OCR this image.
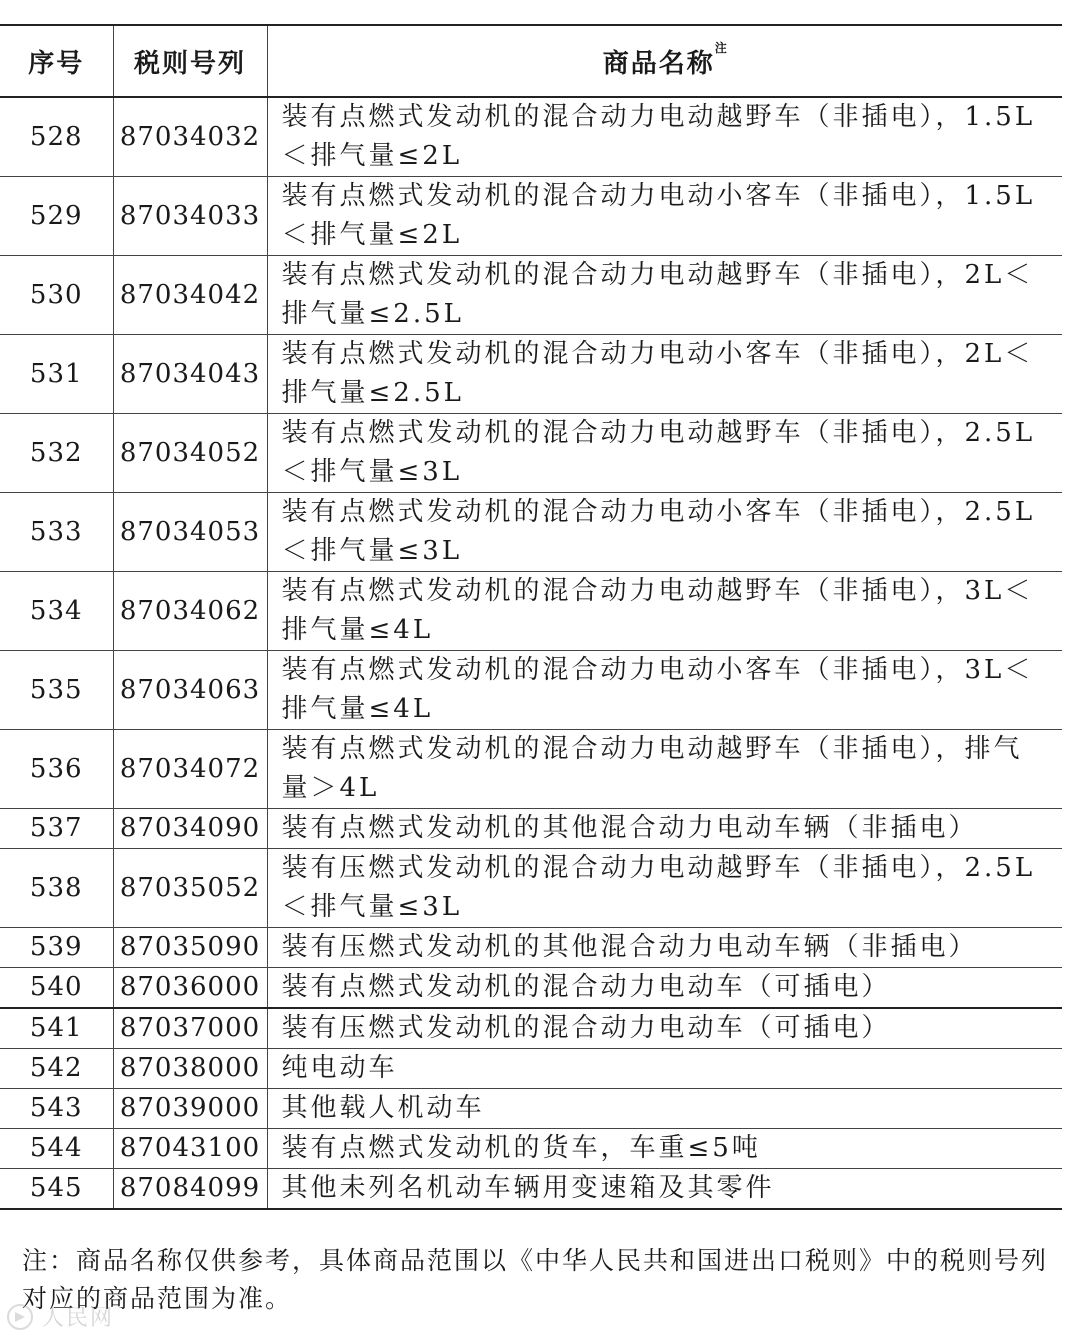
序号	税则号列	商品名称$^注$
528	87034032	装有点燃式发动机的混合动力电动越野车（非插电），1.5L＜排气量≤2L
529	87034033	装有点燃式发动机的混合动力电动小客车（非插电），1.5L＜排气量≤2L
530	87034042	装有点燃式发动机的混合动力电动越野车（非插电），2L＜排气量≤2.5L
531	87034043	装有点燃式发动机的混合动力电动小客车（非插电），2L＜排气量≤2.5L
532	87034052	装有点燃式发动机的混合动力电动越野车（非插电），2.5L＜排气量≤3L
533	87034053	装有点燃式发动机的混合动力电动小客车（非插电），2.5L＜排气量≤3L
534	87034062	装有点燃式发动机的混合动力电动越野车（非插电），3L＜排气量≤4L
535	87034063	装有点燃式发动机的混合动力电动小客车（非插电），3L＜排气量≤4L
536	87034072	装有点燃式发动机的混合动力电动越野车（非插电），排气量＞4L
537	87034090	装有点燃式发动机的其他混合动力电动车辆（非插电）
538	87035052	装有压燃式发动机的混合动力电动越野车（非插电），2.5L＜排气量≤3L
539	87035090	装有压燃式发动机的其他混合动力电动车辆（非插电）
540	87036000	装有点燃式发动机的混合动力电动车（可插电）
541	87037000	装有压燃式发动机的混合动力电动车（可插电）
542	87038000	纯电动车
543	87039000	其他载人机动车
544	87043100	装有点燃式发动机的货车，车重≤5吨
545	87084099	其他未列名机动车辆用变速箱及其零件
注：商品名称仅供参考，具体商品范围以《中华人民共和国进出口税则》中的税则号列对应的商品范围为准。
人民网
